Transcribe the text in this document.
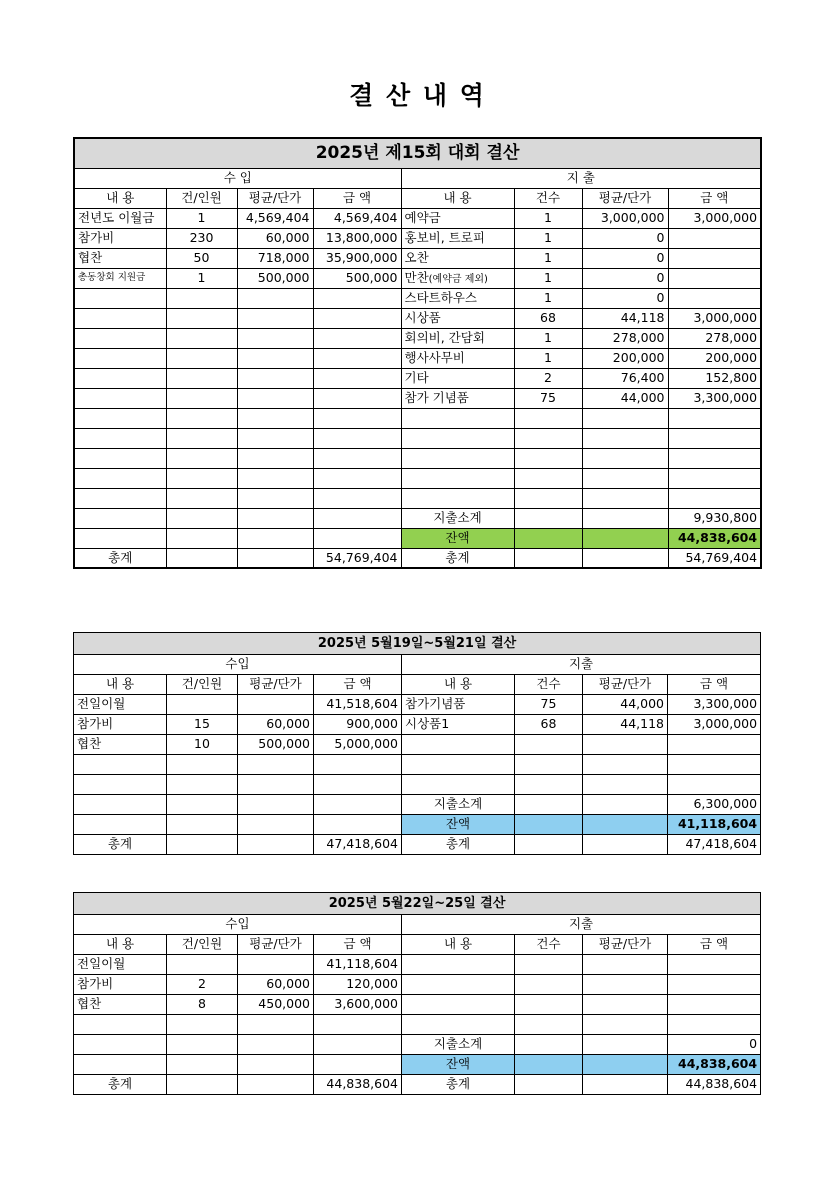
결 산 내 역
2025년 제15회 대회 결산							
수 입				지 출			
내 용	건/인원	평균/단가	금 액	내 용	건수	평균/단가	금 액
전년도 이월금	1	4,569,404	4,569,404	예약금	1	3,000,000	3,000,000
참가비	230	60,000	13,800,000	홍보비, 트로피	1	0	
협찬	50	718,000	35,900,000	오찬	1	0	
총동창회 지원금	1	500,000	500,000	만찬(예약금 제외)	1	0	
				스타트하우스	1	0	
				시상품	68	44,118	3,000,000
				회의비, 간담회	1	278,000	278,000
				행사사무비	1	200,000	200,000
				기타	2	76,400	152,800
				참가 기념품	75	44,000	3,300,000

				지출소계			9,930,800
				잔액			44,838,604
총계			54,769,404	총계			54,769,404
2025년 5월19일~5월21일 결산							
수입				지출			
내 용	건/인원	평균/단가	금 액	내 용	건수	평균/단가	금 액
전일이월			41,518,604	참가기념품	75	44,000	3,300,000
참가비	15	60,000	900,000	시상품1	68	44,118	3,000,000
협찬	10	500,000	5,000,000				

				지출소계			6,300,000
				잔액			41,118,604
총계			47,418,604	총계			47,418,604
2025년 5월22일~25일 결산							
수입				지출			
내 용	건/인원	평균/단가	금 액	내 용	건수	평균/단가	금 액
전일이월			41,118,604				
참가비	2	60,000	120,000				
협찬	8	450,000	3,600,000				

				지출소계			0
				잔액			44,838,604
총계			44,838,604	총계			44,838,604
